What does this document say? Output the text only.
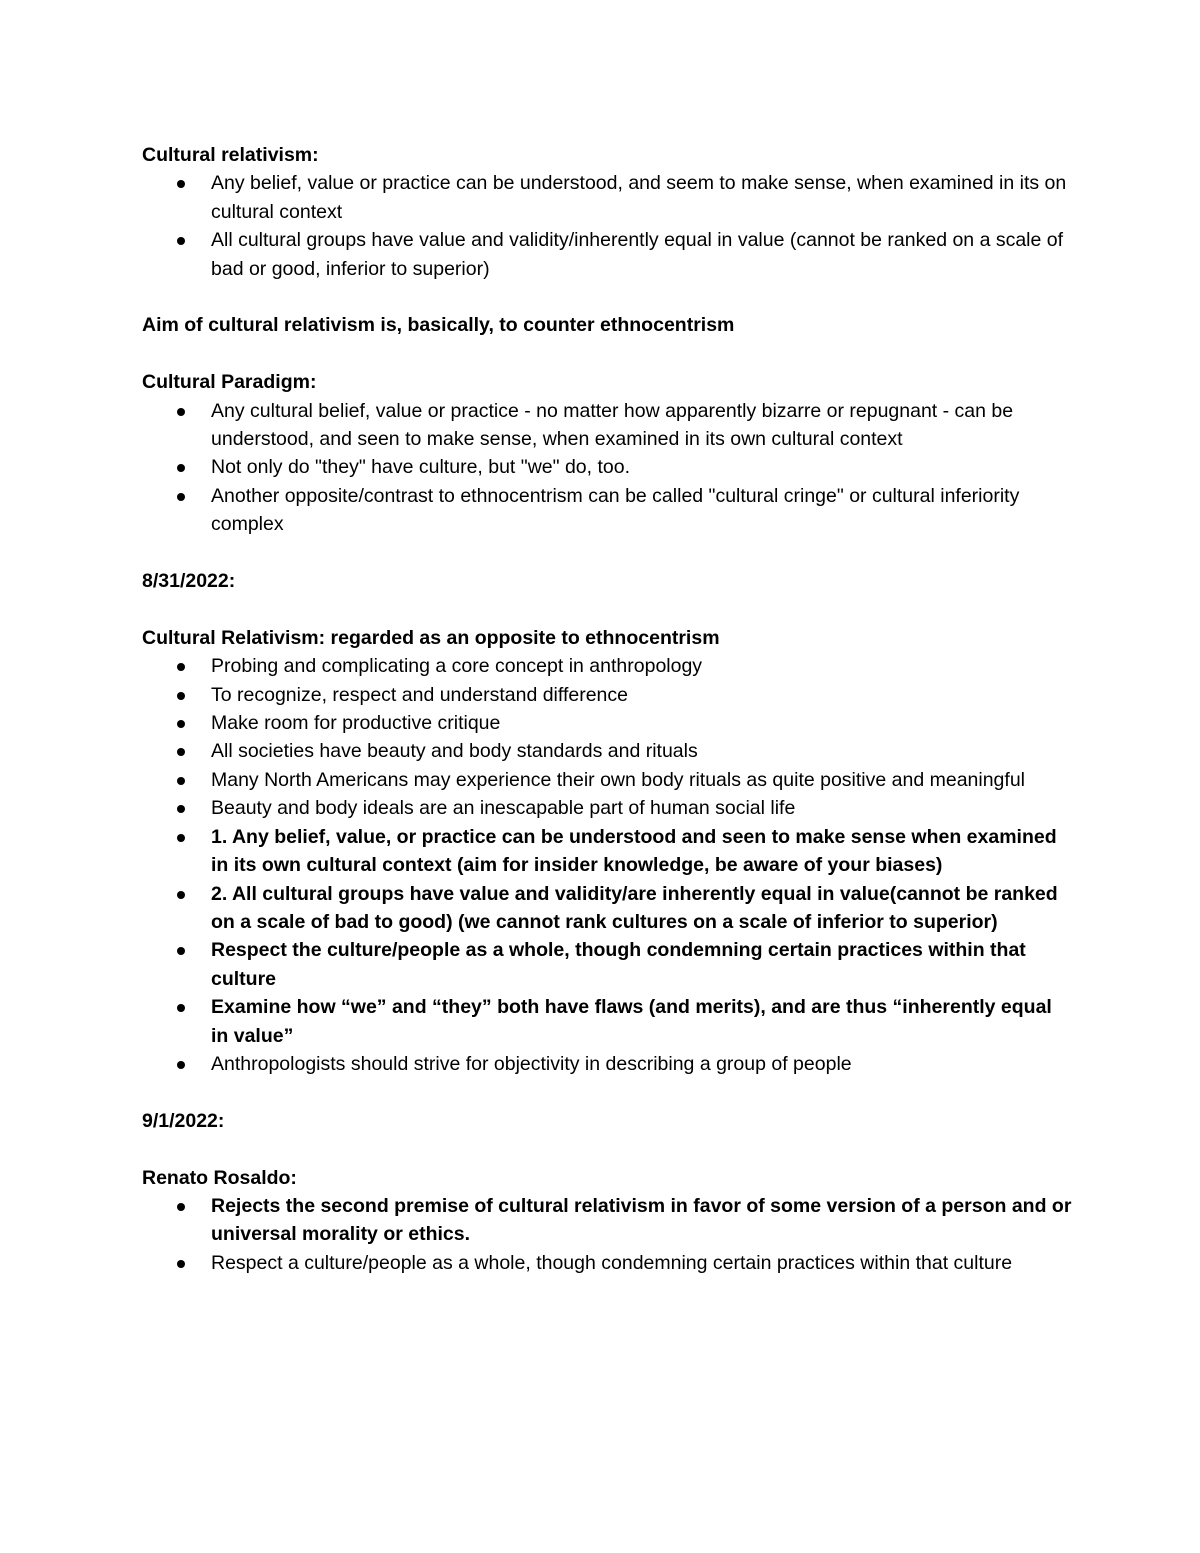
Cultural relativism:

Any belief, value or practice can be understood, and seem to make sense, when examined in its on cultural context
All cultural groups have value and validity/inherently equal in value (cannot be ranked on a scale of bad or good, inferior to superior)

Aim of cultural relativism is, basically, to counter ethnocentrism

Cultural Paradigm:

Any cultural belief, value or practice - no matter how apparently bizarre or repugnant - can be understood, and seen to make sense, when examined in its own cultural context
Not only do "they" have culture, but "we" do, too.
Another opposite/contrast to ethnocentrism can be called "cultural cringe" or cultural inferiority complex

8/31/2022:

Cultural Relativism: regarded as an opposite to ethnocentrism

Probing and complicating a core concept in anthropology
To recognize, respect and understand difference
Make room for productive critique
All societies have beauty and body standards and rituals
Many North Americans may experience their own body rituals as quite positive and meaningful
Beauty and body ideals are an inescapable part of human social life
1. Any belief, value, or practice can be understood and seen to make sense when examined in its own cultural context (aim for insider knowledge, be aware of your biases)
2. All cultural groups have value and validity/are inherently equal in value(cannot be ranked on a scale of bad to good) (we cannot rank cultures on a scale of inferior to superior)
Respect the culture/people as a whole, though condemning certain practices within that culture
Examine how “we” and “they” both have flaws (and merits), and are thus “inherently equal in value”
Anthropologists should strive for objectivity in describing a group of people

9/1/2022:

Renato Rosaldo:

Rejects the second premise of cultural relativism in favor of some version of a person and or universal morality or ethics.
Respect a culture/people as a whole, though condemning certain practices within that culture
